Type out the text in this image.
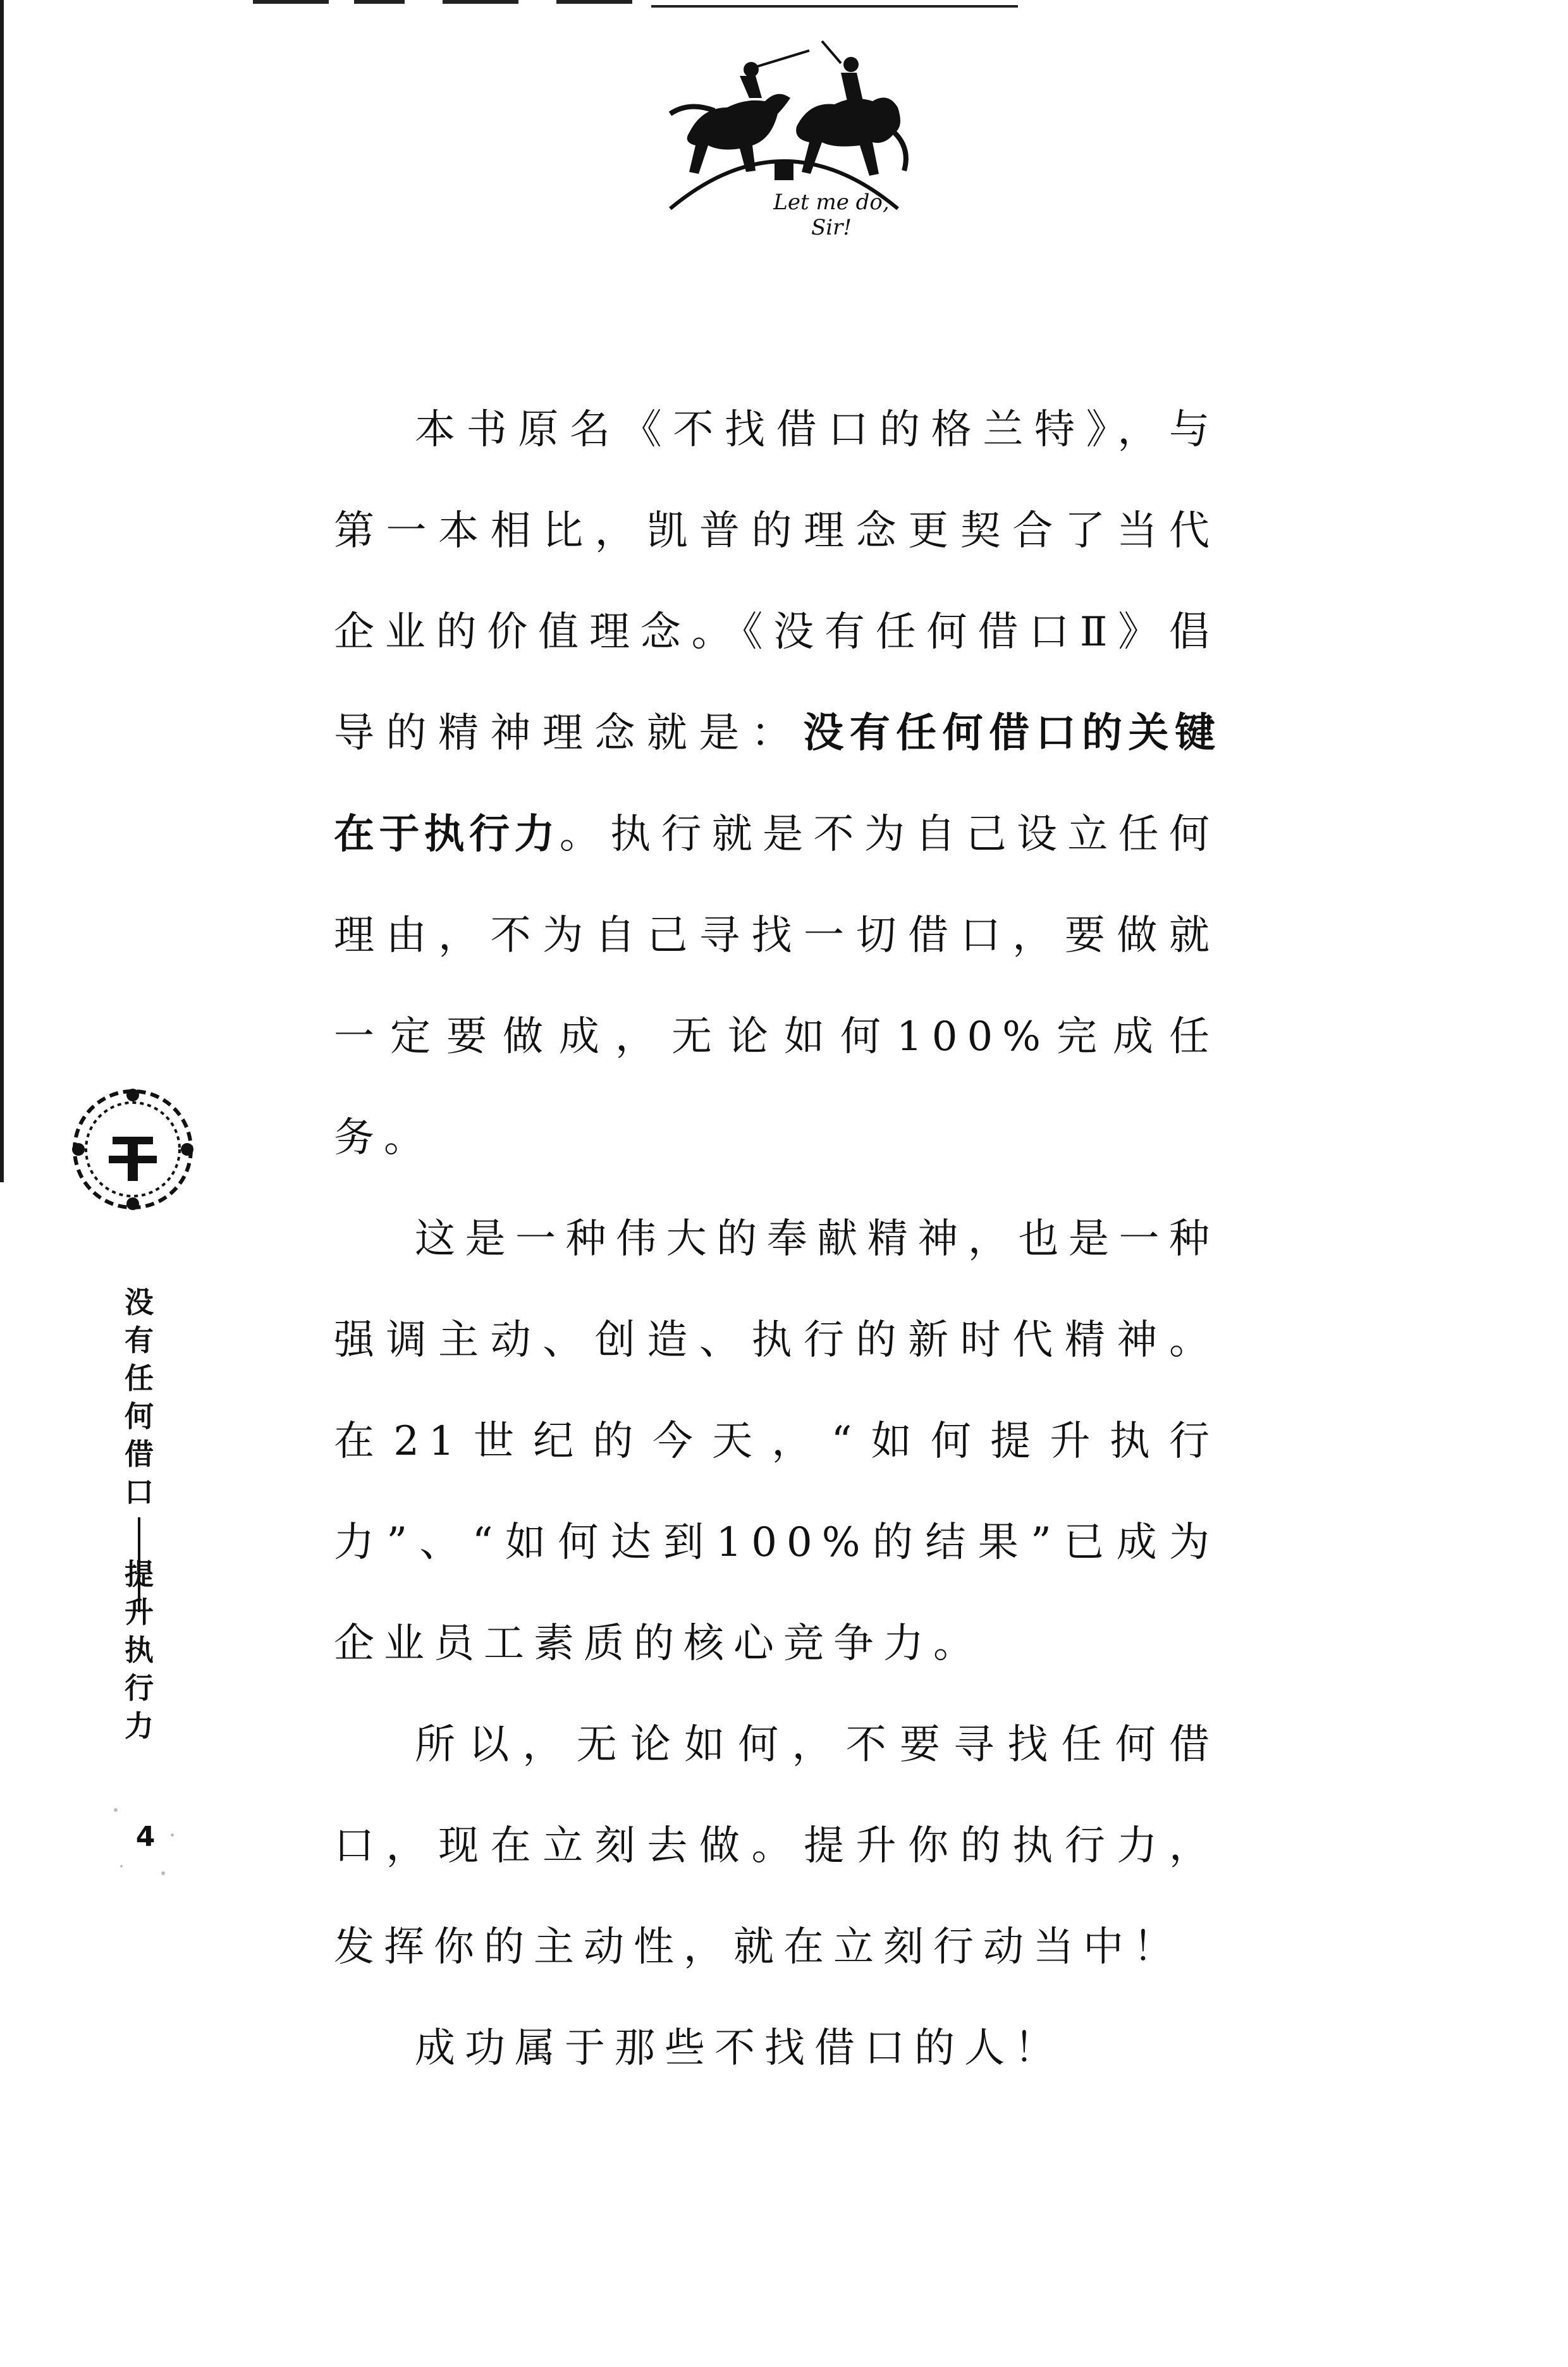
Let me do, Sir!

本书原名《不找借口的格兰特》，与第一本相比，凯普的理念更契合了当代企业的价值理念。《没有任何借口Ⅱ》倡导的精神理念就是：没有任何借口的关键在于执行力。执行就是不为自己设立任何理由，不为自己寻找一切借口，要做就一定要做成，无论如何100%完成任务。

这是一种伟大的奉献精神，也是一种强调主动、创造、执行的新时代精神。在21世纪的今天，“如何提升执行力”、“如何达到100%的结果”已成为企业员工素质的核心竞争力。

所以，无论如何，不要寻找任何借口，现在立刻去做。提升你的执行力，发挥你的主动性，就在立刻行动当中！

成功属于那些不找借口的人！

没
有
任
何
借
口
提 升 执 行 力
4
